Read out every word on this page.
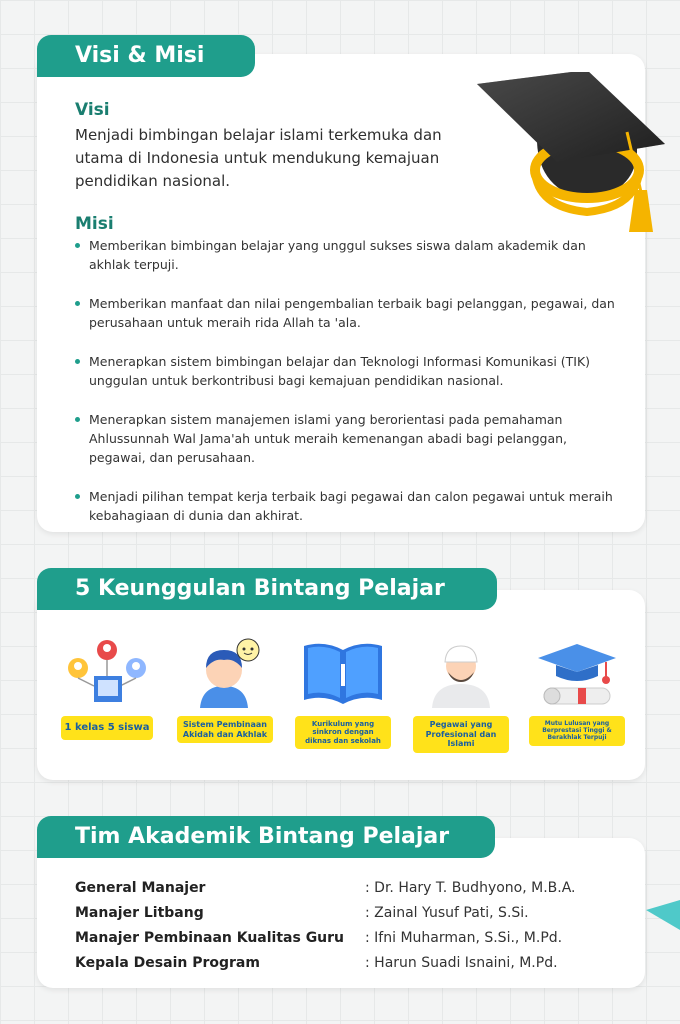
Visi & Misi
Visi
Menjadi bimbingan belajar islami terkemuka dan utama di Indonesia untuk mendukung kemajuan pendidikan nasional.
Misi
Memberikan bimbingan belajar yang unggul sukses siswa dalam akademik dan akhlak terpuji.
Memberikan manfaat dan nilai pengembalian terbaik bagi pelanggan, pegawai, dan perusahaan untuk meraih rida Allah ta 'ala.
Menerapkan sistem bimbingan belajar dan Teknologi Informasi Komunikasi (TIK) unggulan untuk berkontribusi bagi kemajuan pendidikan nasional.
Menerapkan sistem manajemen islami yang berorientasi pada pemahaman Ahlussunnah Wal Jama'ah untuk meraih kemenangan abadi bagi pelanggan, pegawai, dan perusahaan.
Menjadi pilihan tempat kerja terbaik bagi pegawai dan calon pegawai untuk meraih kebahagiaan di dunia dan akhirat.
5 Keunggulan Bintang Pelajar
1 kelas 5 siswa	Sistem Pembinaan Akidah dan Akhlak
Kurikulum yang sinkron dengan diknas dan sekolah
Pegawai yang Profesional dan Islami
Mutu Lulusan yang Berprestasi Tinggi & Berakhlak Terpuji
Tim Akademik Bintang Pelajar
General Manajer	: Dr. Hary T. Budhyono, M.B.A.
Manajer Litbang	: Zainal Yusuf Pati, S.Si.
Manajer Pembinaan Kualitas Guru	: Ifni Muharman, S.Si., M.Pd.
Kepala Desain Program	: Harun Suadi Isnaini, M.Pd.
